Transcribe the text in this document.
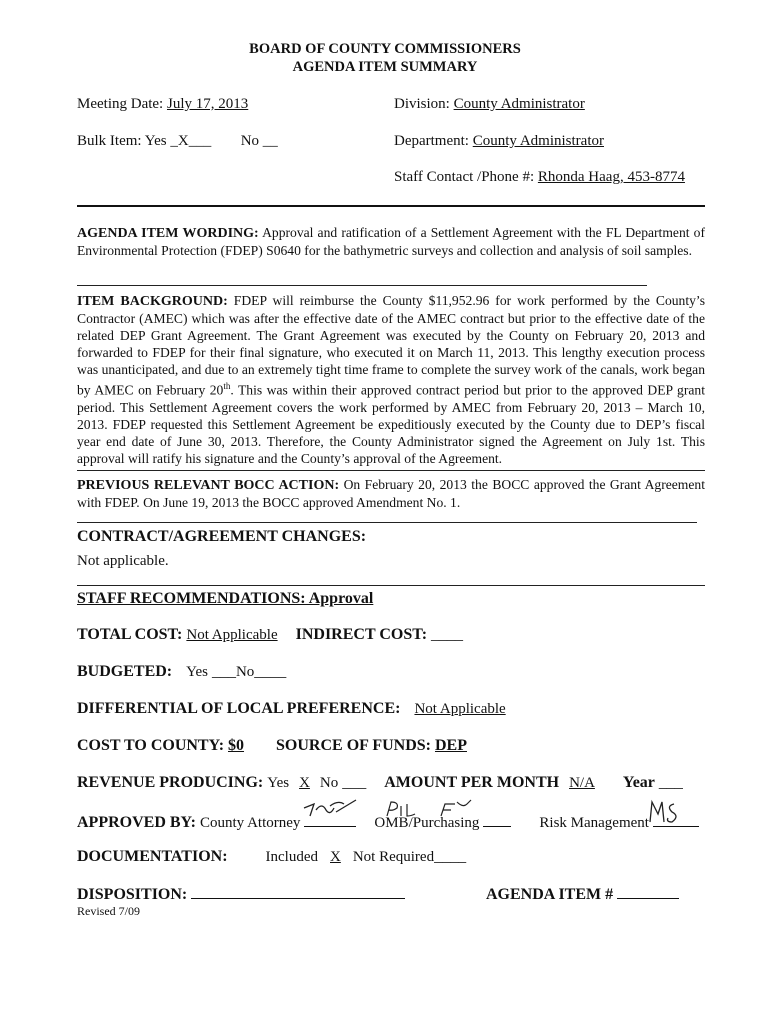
BOARD OF COUNTY COMMISSIONERS
AGENDA ITEM SUMMARY
Meeting Date: July 17, 2013
Bulk Item: Yes _X___ No __
Division: County Administrator
Department: County Administrator
Staff Contact /Phone #: Rhonda Haag, 453-8774
AGENDA ITEM WORDING: Approval and ratification of a Settlement Agreement with the FL Department of Environmental Protection (FDEP) S0640 for the bathymetric surveys and collection and analysis of soil samples.
ITEM BACKGROUND: FDEP will reimburse the County $11,952.96 for work performed by the County’s Contractor (AMEC) which was after the effective date of the AMEC contract but prior to the effective date of the related DEP Grant Agreement. The Grant Agreement was executed by the County on February 20, 2013 and forwarded to FDEP for their final signature, who executed it on March 11, 2013. This lengthy execution process was unanticipated, and due to an extremely tight time frame to complete the survey work of the canals, work began by AMEC on February 20th. This was within their approved contract period but prior to the approved DEP grant period. This Settlement Agreement covers the work performed by AMEC from February 20, 2013 – March 10, 2013. FDEP requested this Settlement Agreement be expeditiously executed by the County due to DEP’s fiscal year end date of June 30, 2013. Therefore, the County Administrator signed the Agreement on July 1st. This approval will ratify his signature and the County’s approval of the Agreement.
PREVIOUS RELEVANT BOCC ACTION: On February 20, 2013 the BOCC approved the Grant Agreement with FDEP. On June 19, 2013 the BOCC approved Amendment No. 1.
CONTRACT/AGREEMENT CHANGES:
Not applicable.
STAFF RECOMMENDATIONS: Approval
TOTAL COST: Not Applicable INDIRECT COST: ____
BUDGETED: Yes ___No____
DIFFERENTIAL OF LOCAL PREFERENCE: Not Applicable
COST TO COUNTY: $0 SOURCE OF FUNDS: DEP
REVENUE PRODUCING: Yes X No ___ AMOUNT PER MONTH N/A Year ___
APPROVED BY: County Attorney	OMB/Purchasing	Risk Management
DOCUMENTATION:	Included X Not Required____
DISPOSITION:	AGENDA ITEM #
Revised 7/09
